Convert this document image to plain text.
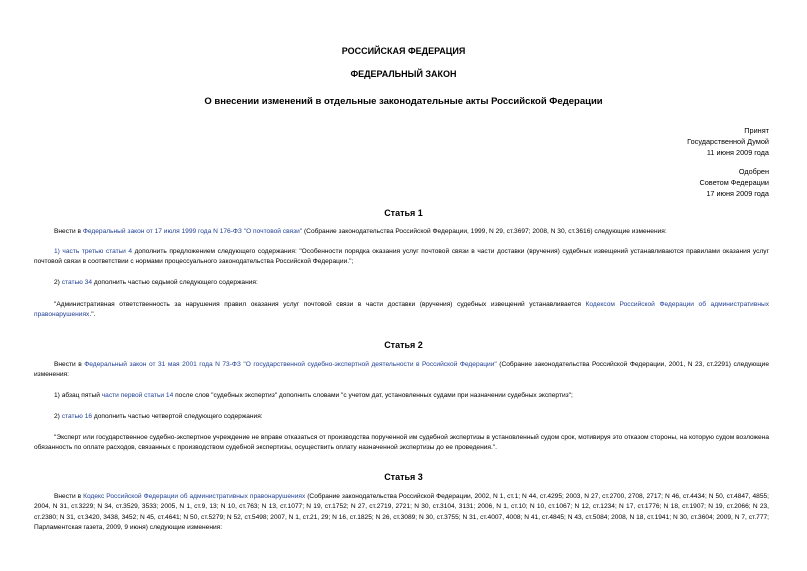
РОССИЙСКАЯ ФЕДЕРАЦИЯ
ФЕДЕРАЛЬНЫЙ ЗАКОН
О внесении изменений в отдельные законодательные акты Российской Федерации
Принят
Государственной Думой
11 июня 2009 года
Одобрен
Советом Федерации
17 июня 2009 года
Статья 1
Внести в Федеральный закон от 17 июля 1999 года N 176-ФЗ "О почтовой связи" (Собрание законодательства Российской Федерации, 1999, N 29, ст.3697; 2008, N 30, ст.3616) следующие изменения:
1) часть третью статьи 4 дополнить предложением следующего содержания: "Особенности порядка оказания услуг почтовой связи в части доставки (вручения) судебных извещений устанавливаются правилами оказания услуг почтовой связи в соответствии с нормами процессуального законодательства Российской Федерации.";
2) статью 34 дополнить частью седьмой следующего содержания:
"Административная ответственность за нарушения правил оказания услуг почтовой связи в части доставки (вручения) судебных извещений устанавливается Кодексом Российской Федерации об административных правонарушениях.".
Статья 2
Внести в Федеральный закон от 31 мая 2001 года N 73-ФЗ "О государственной судебно-экспертной деятельности в Российской Федерации" (Собрание законодательства Российской Федерации, 2001, N 23, ст.2291) следующие изменения:
1) абзац пятый части первой статьи 14 после слов "судебных экспертиз" дополнить словами "с учетом дат, установленных судами при назначении судебных экспертиз";
2) статью 16 дополнить частью четвертой следующего содержания:
"Эксперт или государственное судебно-экспертное учреждение не вправе отказаться от производства порученной им судебной экспертизы в установленный судом срок, мотивируя это отказом стороны, на которую судом возложена обязанность по оплате расходов, связанных с производством судебной экспертизы, осуществить оплату назначенной экспертизы до ее проведения.".
Статья 3
Внести в Кодекс Российской Федерации об административных правонарушениях (Собрание законодательства Российской Федерации, 2002, N 1, ст.1; N 44, ст.4295; 2003, N 27, ст.2700, 2708, 2717; N 46, ст.4434; N 50, ст.4847, 4855; 2004, N 31, ст.3229; N 34, ст.3529, 3533; 2005, N 1, ст.9, 13; N 10, ст.763; N 13, ст.1077; N 19, ст.1752; N 27, ст.2719, 2721; N 30, ст.3104, 3131; 2006, N 1, ст.10; N 10, ст.1067; N 12, ст.1234; N 17, ст.1776; N 18, ст.1907; N 19, ст.2066; N 23, ст.2380; N 31, ст.3420, 3438, 3452; N 45, ст.4641; N 50, ст.5279; N 52, ст.5498; 2007, N 1, ст.21, 29; N 16, ст.1825; N 26, ст.3089; N 30, ст.3755; N 31, ст.4007, 4008; N 41, ст.4845; N 43, ст.5084; 2008, N 18, ст.1941; N 30, ст.3604; 2009, N 7, ст.777; Парламентская газета, 2009, 9 июня) следующие изменения:
